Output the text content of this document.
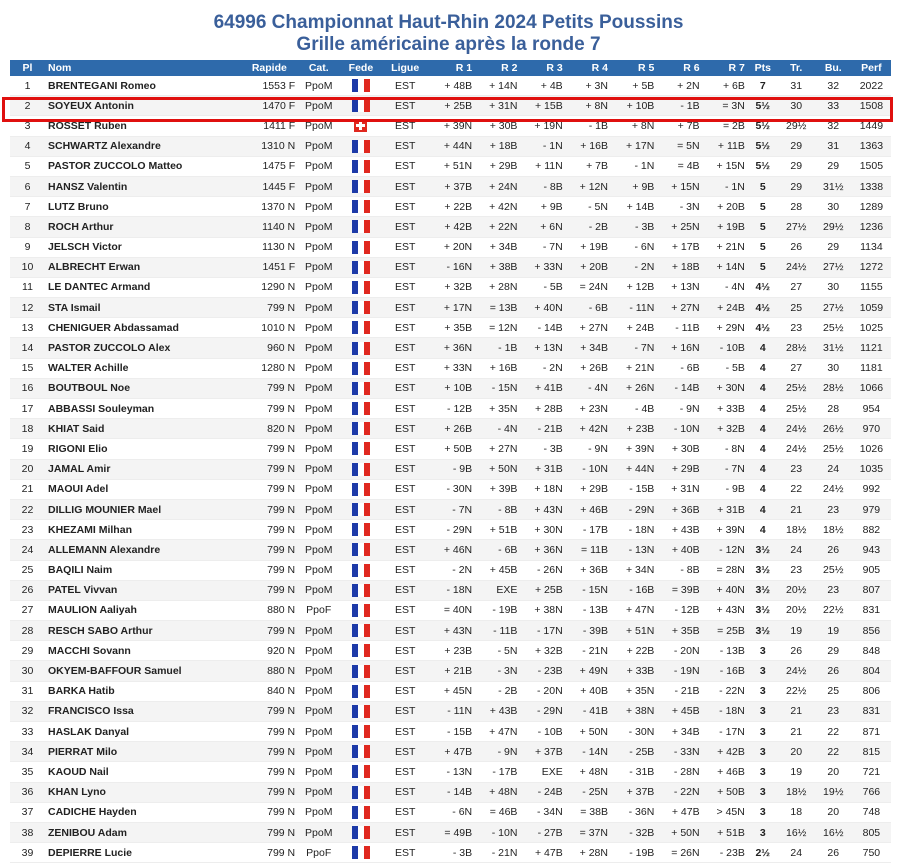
64996 Championnat Haut-Rhin 2024 Petits Poussins
Grille américaine après la ronde 7
Pl	Nom	Rapide	Cat.	Fede	Ligue	R 1	R 2	R 3	R 4	R 5	R 6	R 7	Pts	Tr.	Bu.	Perf
1	BRENTEGANI Romeo	1553 F	PpoM		EST	+ 48B	+ 14N	+ 4B	+ 3N	+ 5B	+ 2N	+ 6B	7	31	32	2022
2	SOYEUX Antonin	1470 F	PpoM		EST	+ 25B	+ 31N	+ 15B	+ 8N	+ 10B	- 1B	= 3N	5½	30	33	1508
3	ROSSET Ruben	1411 F	PpoM		EST	+ 39N	+ 30B	+ 19N	- 1B	+ 8N	+ 7B	= 2B	5½	29½	32	1449
4	SCHWARTZ Alexandre	1310 N	PpoM		EST	+ 44N	+ 18B	- 1N	+ 16B	+ 17N	= 5N	+ 11B	5½	29	31	1363
5	PASTOR ZUCCOLO Matteo	1475 F	PpoM		EST	+ 51N	+ 29B	+ 11N	+ 7B	- 1N	= 4B	+ 15N	5½	29	29	1505
6	HANSZ Valentin	1445 F	PpoM		EST	+ 37B	+ 24N	- 8B	+ 12N	+ 9B	+ 15N	- 1N	5	29	31½	1338
7	LUTZ Bruno	1370 N	PpoM		EST	+ 22B	+ 42N	+ 9B	- 5N	+ 14B	- 3N	+ 20B	5	28	30	1289
8	ROCH Arthur	1140 N	PpoM		EST	+ 42B	+ 22N	+ 6N	- 2B	- 3B	+ 25N	+ 19B	5	27½	29½	1236
9	JELSCH Victor	1130 N	PpoM		EST	+ 20N	+ 34B	- 7N	+ 19B	- 6N	+ 17B	+ 21N	5	26	29	1134
10	ALBRECHT Erwan	1451 F	PpoM		EST	- 16N	+ 38B	+ 33N	+ 20B	- 2N	+ 18B	+ 14N	5	24½	27½	1272
11	LE DANTEC Armand	1290 N	PpoM		EST	+ 32B	+ 28N	- 5B	= 24N	+ 12B	+ 13N	- 4N	4½	27	30	1155
12	STA Ismail	799 N	PpoM		EST	+ 17N	= 13B	+ 40N	- 6B	- 11N	+ 27N	+ 24B	4½	25	27½	1059
13	CHENIGUER Abdassamad	1010 N	PpoM		EST	+ 35B	= 12N	- 14B	+ 27N	+ 24B	- 11B	+ 29N	4½	23	25½	1025
14	PASTOR ZUCCOLO Alex	960 N	PpoM		EST	+ 36N	- 1B	+ 13N	+ 34B	- 7N	+ 16N	- 10B	4	28½	31½	1121
15	WALTER Achille	1280 N	PpoM		EST	+ 33N	+ 16B	- 2N	+ 26B	+ 21N	- 6B	- 5B	4	27	30	1181
16	BOUTBOUL Noe	799 N	PpoM		EST	+ 10B	- 15N	+ 41B	- 4N	+ 26N	- 14B	+ 30N	4	25½	28½	1066
17	ABBASSI Souleyman	799 N	PpoM		EST	- 12B	+ 35N	+ 28B	+ 23N	- 4B	- 9N	+ 33B	4	25½	28	954
18	KHIAT Said	820 N	PpoM		EST	+ 26B	- 4N	- 21B	+ 42N	+ 23B	- 10N	+ 32B	4	24½	26½	970
19	RIGONI Elio	799 N	PpoM		EST	+ 50B	+ 27N	- 3B	- 9N	+ 39N	+ 30B	- 8N	4	24½	25½	1026
20	JAMAL Amir	799 N	PpoM		EST	- 9B	+ 50N	+ 31B	- 10N	+ 44N	+ 29B	- 7N	4	23	24	1035
21	MAOUI Adel	799 N	PpoM		EST	- 30N	+ 39B	+ 18N	+ 29B	- 15B	+ 31N	- 9B	4	22	24½	992
22	DILLIG MOUNIER Mael	799 N	PpoM		EST	- 7N	- 8B	+ 43N	+ 46B	- 29N	+ 36B	+ 31B	4	21	23	979
23	KHEZAMI Milhan	799 N	PpoM		EST	- 29N	+ 51B	+ 30N	- 17B	- 18N	+ 43B	+ 39N	4	18½	18½	882
24	ALLEMANN Alexandre	799 N	PpoM		EST	+ 46N	- 6B	+ 36N	= 11B	- 13N	+ 40B	- 12N	3½	24	26	943
25	BAQILI Naim	799 N	PpoM		EST	- 2N	+ 45B	- 26N	+ 36B	+ 34N	- 8B	= 28N	3½	23	25½	905
26	PATEL Vivvan	799 N	PpoM		EST	- 18N	EXE	+ 25B	- 15N	- 16B	= 39B	+ 40N	3½	20½	23	807
27	MAULION Aaliyah	880 N	PpoF		EST	= 40N	- 19B	+ 38N	- 13B	+ 47N	- 12B	+ 43N	3½	20½	22½	831
28	RESCH SABO Arthur	799 N	PpoM		EST	+ 43N	- 11B	- 17N	- 39B	+ 51N	+ 35B	= 25B	3½	19	19	856
29	MACCHI Sovann	920 N	PpoM		EST	+ 23B	- 5N	+ 32B	- 21N	+ 22B	- 20N	- 13B	3	26	29	848
30	OKYEM-BAFFOUR Samuel	880 N	PpoM		EST	+ 21B	- 3N	- 23B	+ 49N	+ 33B	- 19N	- 16B	3	24½	26	804
31	BARKA Hatib	840 N	PpoM		EST	+ 45N	- 2B	- 20N	+ 40B	+ 35N	- 21B	- 22N	3	22½	25	806
32	FRANCISCO Issa	799 N	PpoM		EST	- 11N	+ 43B	- 29N	- 41B	+ 38N	+ 45B	- 18N	3	21	23	831
33	HASLAK Danyal	799 N	PpoM		EST	- 15B	+ 47N	- 10B	+ 50N	- 30N	+ 34B	- 17N	3	21	22	871
34	PIERRAT Milo	799 N	PpoM		EST	+ 47B	- 9N	+ 37B	- 14N	- 25B	- 33N	+ 42B	3	20	22	815
35	KAOUD Nail	799 N	PpoM		EST	- 13N	- 17B	EXE	+ 48N	- 31B	- 28N	+ 46B	3	19	20	721
36	KHAN Lyno	799 N	PpoM		EST	- 14B	+ 48N	- 24B	- 25N	+ 37B	- 22N	+ 50B	3	18½	19½	766
37	CADICHE Hayden	799 N	PpoM		EST	- 6N	= 46B	- 34N	= 38B	- 36N	+ 47B	> 45N	3	18	20	748
38	ZENIBOU Adam	799 N	PpoM		EST	= 49B	- 10N	- 27B	= 37N	- 32B	+ 50N	+ 51B	3	16½	16½	805
39	DEPIERRE Lucie	799 N	PpoF		EST	- 3B	- 21N	+ 47B	+ 28N	- 19B	= 26N	- 23B	2½	24	26	750
